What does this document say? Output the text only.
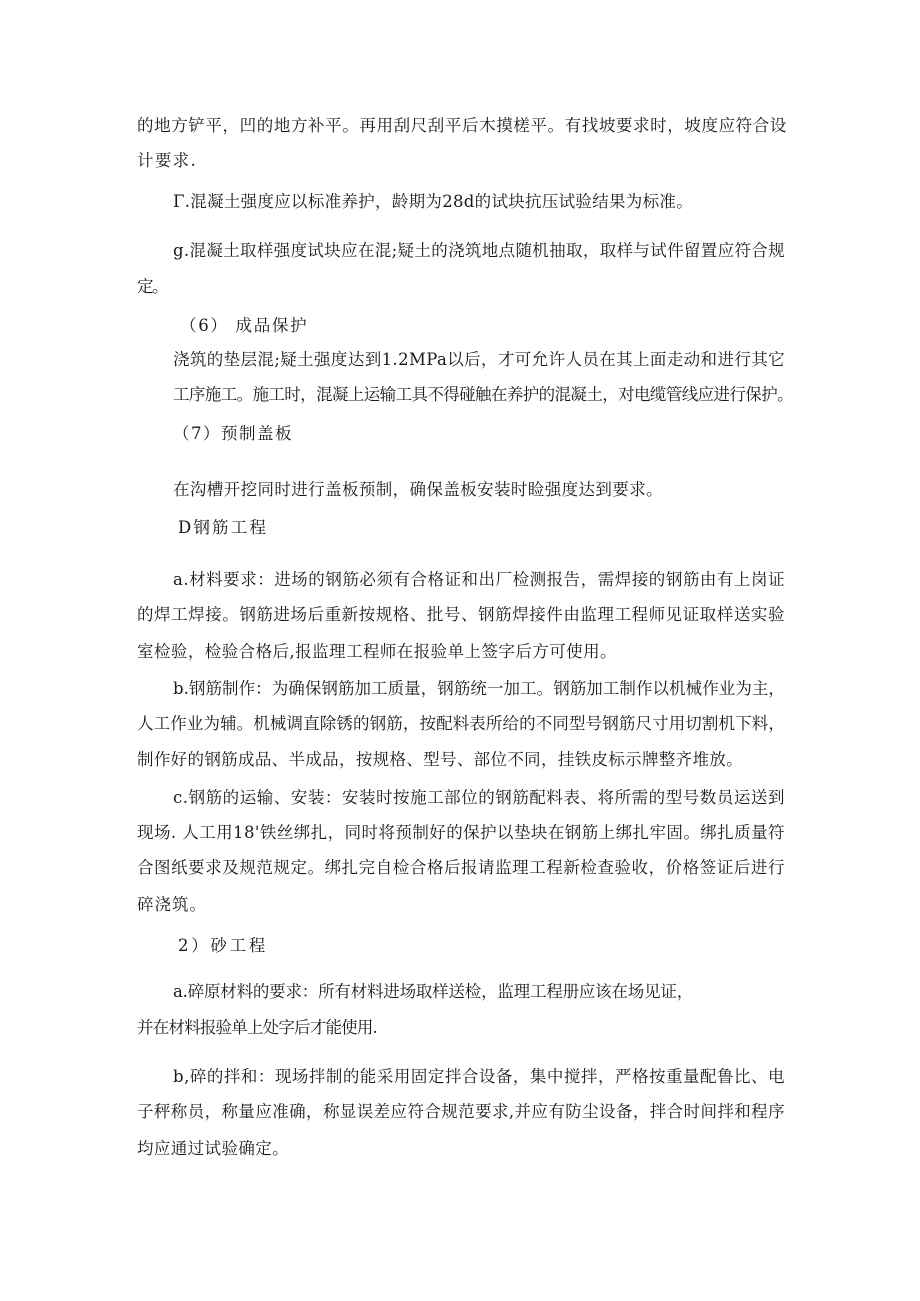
的地方铲平，凹的地方补平。再用刮尺刮平后木摸槎平。有找坡要求时，坡度应符合设
计要求.
Γ.混凝土强度应以标准养护，龄期为28d的试块抗压试验结果为标准。
g.混凝土取样强度试块应在混;疑土的浇筑地点随机抽取，取样与试件留置应符合规
定。
（6） 成品保护
浇筑的垫层混;疑土强度达到1.2MPa以后，才可允许人员在其上面走动和进行其它
工序施工。施工时，混凝上运输工具不得碰触在养护的混凝土，对电缆管线应进行保护。
（7）预制盖板
在沟槽开挖同时进行盖板预制，确保盖板安装时睑强度达到要求。
D钢筋工程
a.材料要求：进场的钢筋必须有合格证和出厂检测报告，需焊接的钢筋由有上岗证
的焊工焊接。钢筋进场后重新按规格、批号、钢筋焊接件由监理工程师见证取样送实验
室检验，检验合格后,报监理工程师在报验单上签字后方可使用。
b.钢筋制作：为确保钢筋加工质量，钢筋统一加工。钢筋加工制作以机械作业为主，
人工作业为辅。机械调直除锈的钢筋，按配料表所给的不同型号钢筋尺寸用切割机下料，
制作好的钢筋成品、半成品，按规格、型号、部位不同，挂铁皮标示牌整齐堆放。
c.钢筋的运输、安装：安装时按施工部位的钢筋配料表、将所需的型号数员运送到
现场. 人工用18'铁丝绑扎，同时将预制好的保护以垫块在钢筋上绑扎牢固。绑扎质量符
合图纸要求及规范规定。绑扎完自检合格后报请监理工程新检查验收，价格签证后进行
碎浇筑。
2）砂工程
a.碎原材料的要求：所有材料进场取样送检，监理工程册应该在场见证，
并在材料报验单上处字后才能使用.
b,碎的拌和：现场拌制的能采用固定拌合设备，集中搅拌，严格按重量配鲁比、电
子秤称员，称量应准确，称显误差应符合规范要求,并应有防尘设备，拌合时间拌和程序
均应通过试验确定。
